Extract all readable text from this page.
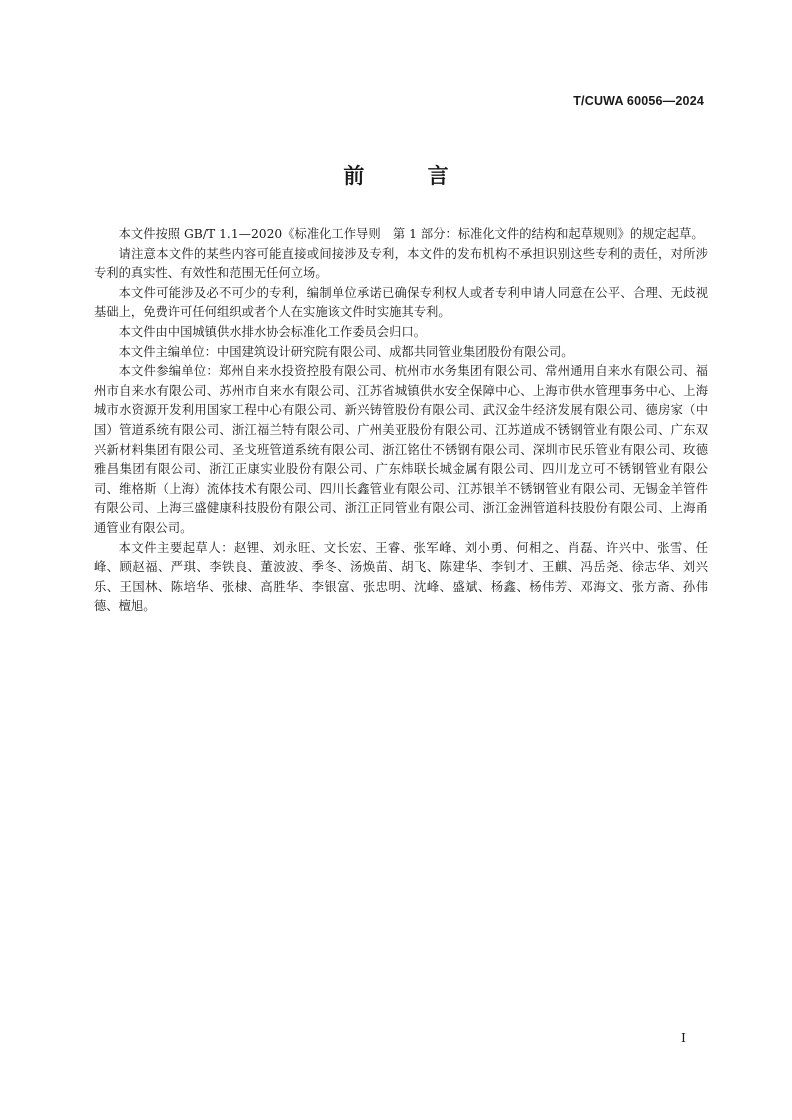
T/CUWA 60056—2024
前 言

本文件按照 GB/T 1.1—2020《标准化工作导则　第 1 部分：标准化文件的结构和起草规则》的规定起草。

请注意本文件的某些内容可能直接或间接涉及专利，本文件的发布机构不承担识别这些专利的责任，对所涉专利的真实性、有效性和范围无任何立场。

本文件可能涉及必不可少的专利，编制单位承诺已确保专利权人或者专利申请人同意在公平、合理、无歧视基础上，免费许可任何组织或者个人在实施该文件时实施其专利。

本文件由中国城镇供水排水协会标准化工作委员会归口。

本文件主编单位：中国建筑设计研究院有限公司、成都共同管业集团股份有限公司。

本文件参编单位：郑州自来水投资控股有限公司、杭州市水务集团有限公司、常州通用自来水有限公司、福州市自来水有限公司、苏州市自来水有限公司、江苏省城镇供水安全保障中心、上海市供水管理事务中心、上海城市水资源开发利用国家工程中心有限公司、新兴铸管股份有限公司、武汉金牛经济发展有限公司、德房家（中国）管道系统有限公司、浙江福兰特有限公司、广州美亚股份有限公司、江苏道成不锈钢管业有限公司、广东双兴新材料集团有限公司、圣戈班管道系统有限公司、浙江铭仕不锈钢有限公司、深圳市民乐管业有限公司、玫德雅昌集团有限公司、浙江正康实业股份有限公司、广东炜联长城金属有限公司、四川龙立可不锈钢管业有限公司、维格斯（上海）流体技术有限公司、四川长鑫管业有限公司、江苏银羊不锈钢管业有限公司、无锡金羊管件有限公司、上海三盛健康科技股份有限公司、浙江正同管业有限公司、浙江金洲管道科技股份有限公司、上海甬通管业有限公司。

本文件主要起草人：赵锂、刘永旺、文长宏、王睿、张军峰、刘小勇、何相之、肖磊、许兴中、张雪、任峰、顾赵福、严琪、李铁良、董波波、季冬、汤焕苗、胡飞、陈建华、李钊才、王麒、冯岳尧、徐志华、刘兴乐、王国林、陈培华、张棣、高胜华、李银富、张忠明、沈峰、盛斌、杨鑫、杨伟芳、邓海文、张方斋、孙伟德、檀旭。

I
